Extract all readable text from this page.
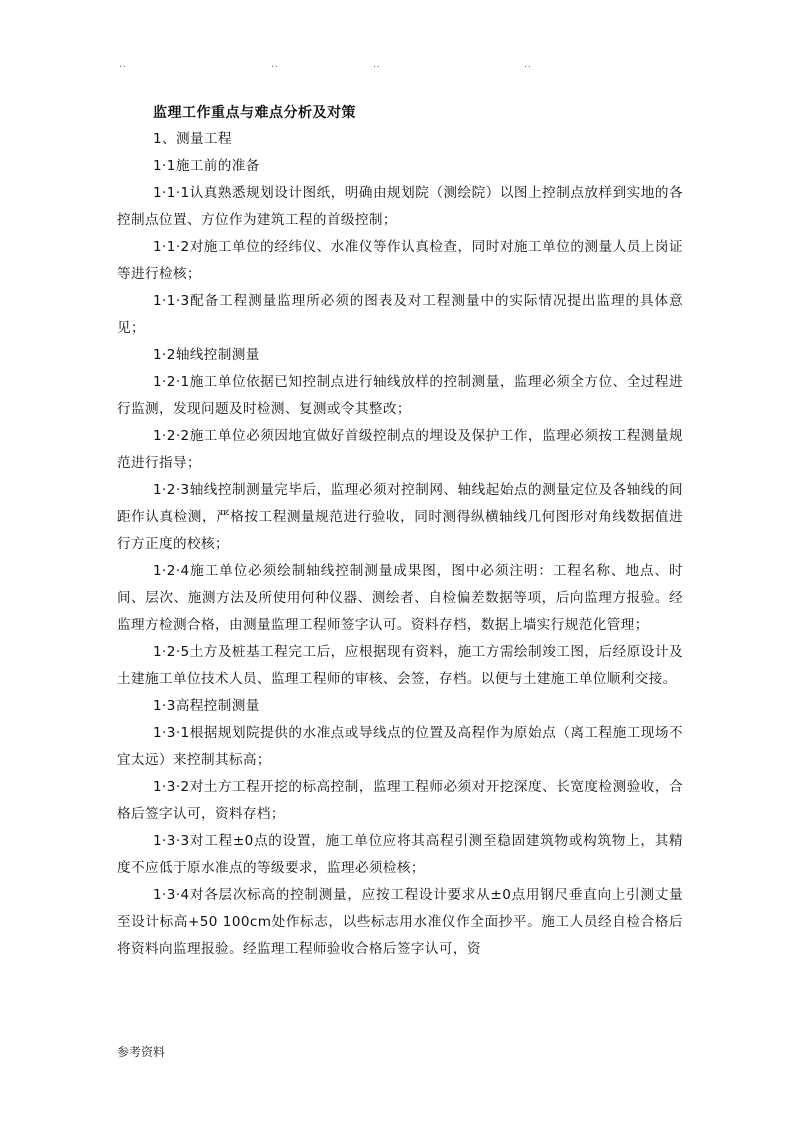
..	..	..	..
监理工作重点与难点分析及对策

1、测量工程

1·1施工前的准备

1·1·1认真熟悉规划设计图纸，明确由规划院（测绘院）以图上控制点放样到实地的各控制点位置、方位作为建筑工程的首级控制；

1·1·2对施工单位的经纬仪、水准仪等作认真检查，同时对施工单位的测量人员上岗证等进行检核；

1·1·3配备工程测量监理所必须的图表及对工程测量中的实际情况提出监理的具体意见；

1·2轴线控制测量

1·2·1施工单位依据已知控制点进行轴线放样的控制测量，监理必须全方位、全过程进行监测，发现问题及时检测、复测或令其整改；

1·2·2施工单位必须因地宜做好首级控制点的埋设及保护工作，监理必须按工程测量规范进行指导；

1·2·3轴线控制测量完毕后，监理必须对控制网、轴线起始点的测量定位及各轴线的间距作认真检测，严格按工程测量规范进行验收，同时测得纵横轴线几何图形对角线数据值进行方正度的校核；

1·2·4施工单位必须绘制轴线控制测量成果图，图中必须注明：工程名称、地点、时间、层次、施测方法及所使用何种仪器、测绘者、自检偏差数据等项，后向监理方报验。经监理方检测合格，由测量监理工程师签字认可。资料存档，数据上墙实行规范化管理；

1·2·5土方及桩基工程完工后，应根据现有资料，施工方需绘制竣工图，后经原设计及土建施工单位技术人员、监理工程师的审核、会签，存档。以便与土建施工单位顺利交接。

1·3高程控制测量

1·3·1根据规划院提供的水准点或导线点的位置及高程作为原始点（离工程施工现场不宜太远）来控制其标高；

1·3·2对土方工程开挖的标高控制，监理工程师必须对开挖深度、长宽度检测验收，合格后签字认可，资料存档；

1·3·3对工程±0点的设置，施工单位应将其高程引测至稳固建筑物或构筑物上，其精度不应低于原水准点的等级要求，监理必须检核；

1·3·4对各层次标高的控制测量，应按工程设计要求从±0点用钢尺垂直向上引测丈量至设计标高+50 100cm处作标志，以些标志用水准仪作全面抄平。施工人员经自检合格后将资料向监理报验。经监理工程师验收合格后签字认可，资

参考资料
